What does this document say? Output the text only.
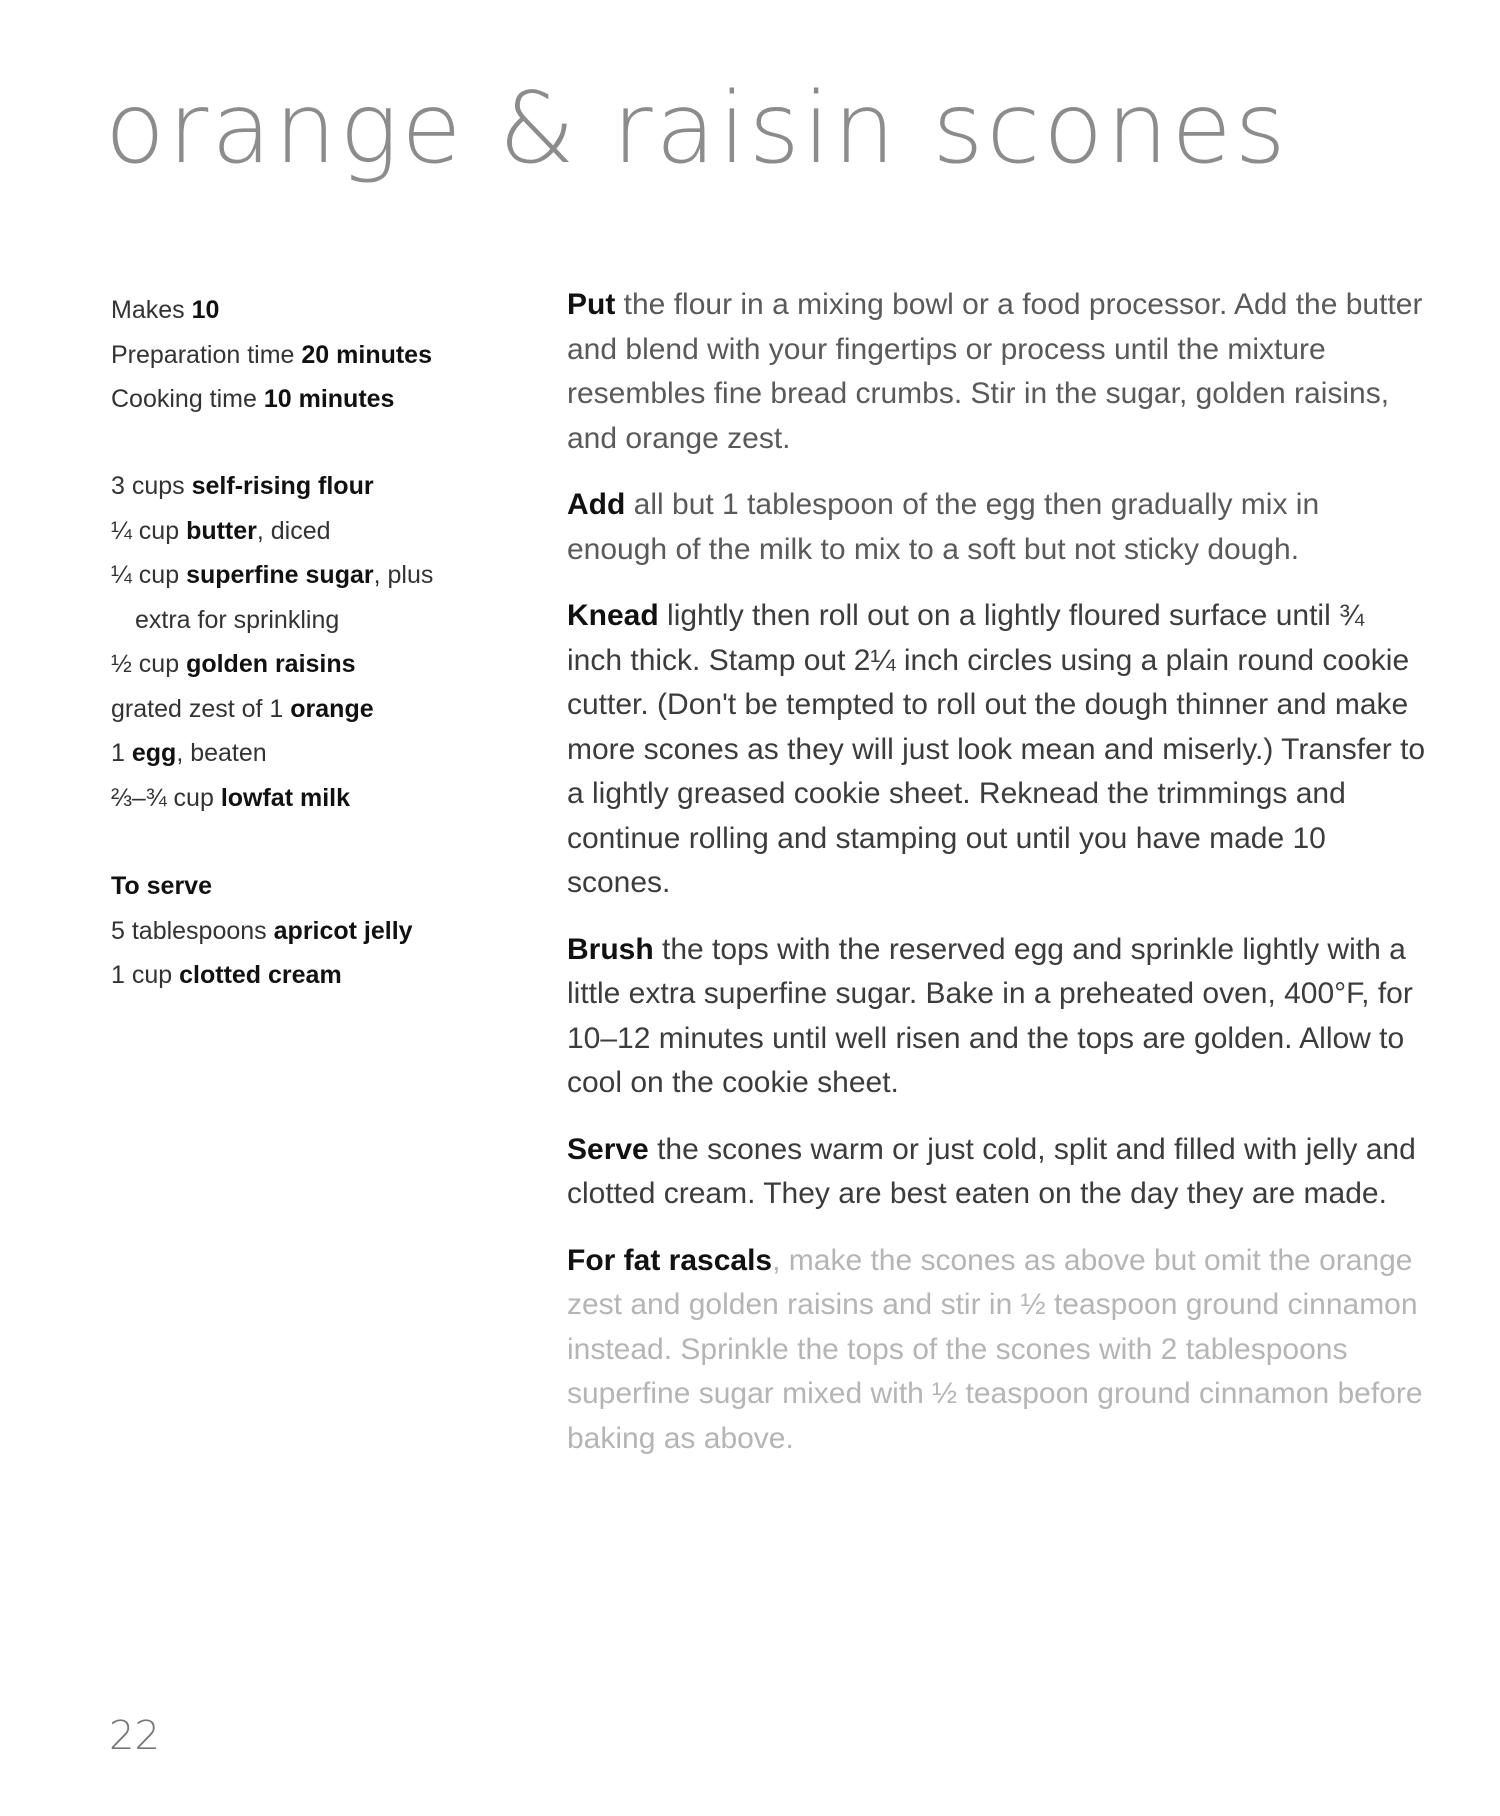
orange & raisin scones

Makes 10

Preparation time 20 minutes

Cooking time 10 minutes

3 cups self-rising flour

¼ cup butter, diced

¼ cup superfine sugar, plus

extra for sprinkling

½ cup golden raisins

grated zest of 1 orange

1 egg, beaten

⅔–¾ cup lowfat milk

To serve

5 tablespoons apricot jelly

1 cup clotted cream

Put the flour in a mixing bowl or a food processor. Add the butter and blend with your fingertips or process until the mixture resembles fine bread crumbs. Stir in the sugar, golden raisins, and orange zest.

Add all but 1 tablespoon of the egg then gradually mix in enough of the milk to mix to a soft but not sticky dough.

Knead lightly then roll out on a lightly floured surface until ¾ inch thick. Stamp out 2¼ inch circles using a plain round cookie cutter. (Don't be tempted to roll out the dough thinner and make more scones as they will just look mean and miserly.) Transfer to a lightly greased cookie sheet. Reknead the trimmings and continue rolling and stamping out until you have made 10 scones.

Brush the tops with the reserved egg and sprinkle lightly with a little extra superfine sugar. Bake in a preheated oven, 400°F, for 10–12 minutes until well risen and the tops are golden. Allow to cool on the cookie sheet.

Serve the scones warm or just cold, split and filled with jelly and clotted cream. They are best eaten on the day they are made.

For fat rascals, make the scones as above but omit the orange zest and golden raisins and stir in ½ teaspoon ground cinnamon instead. Sprinkle the tops of the scones with 2 tablespoons superfine sugar mixed with ½ teaspoon ground cinnamon before baking as above.

22
